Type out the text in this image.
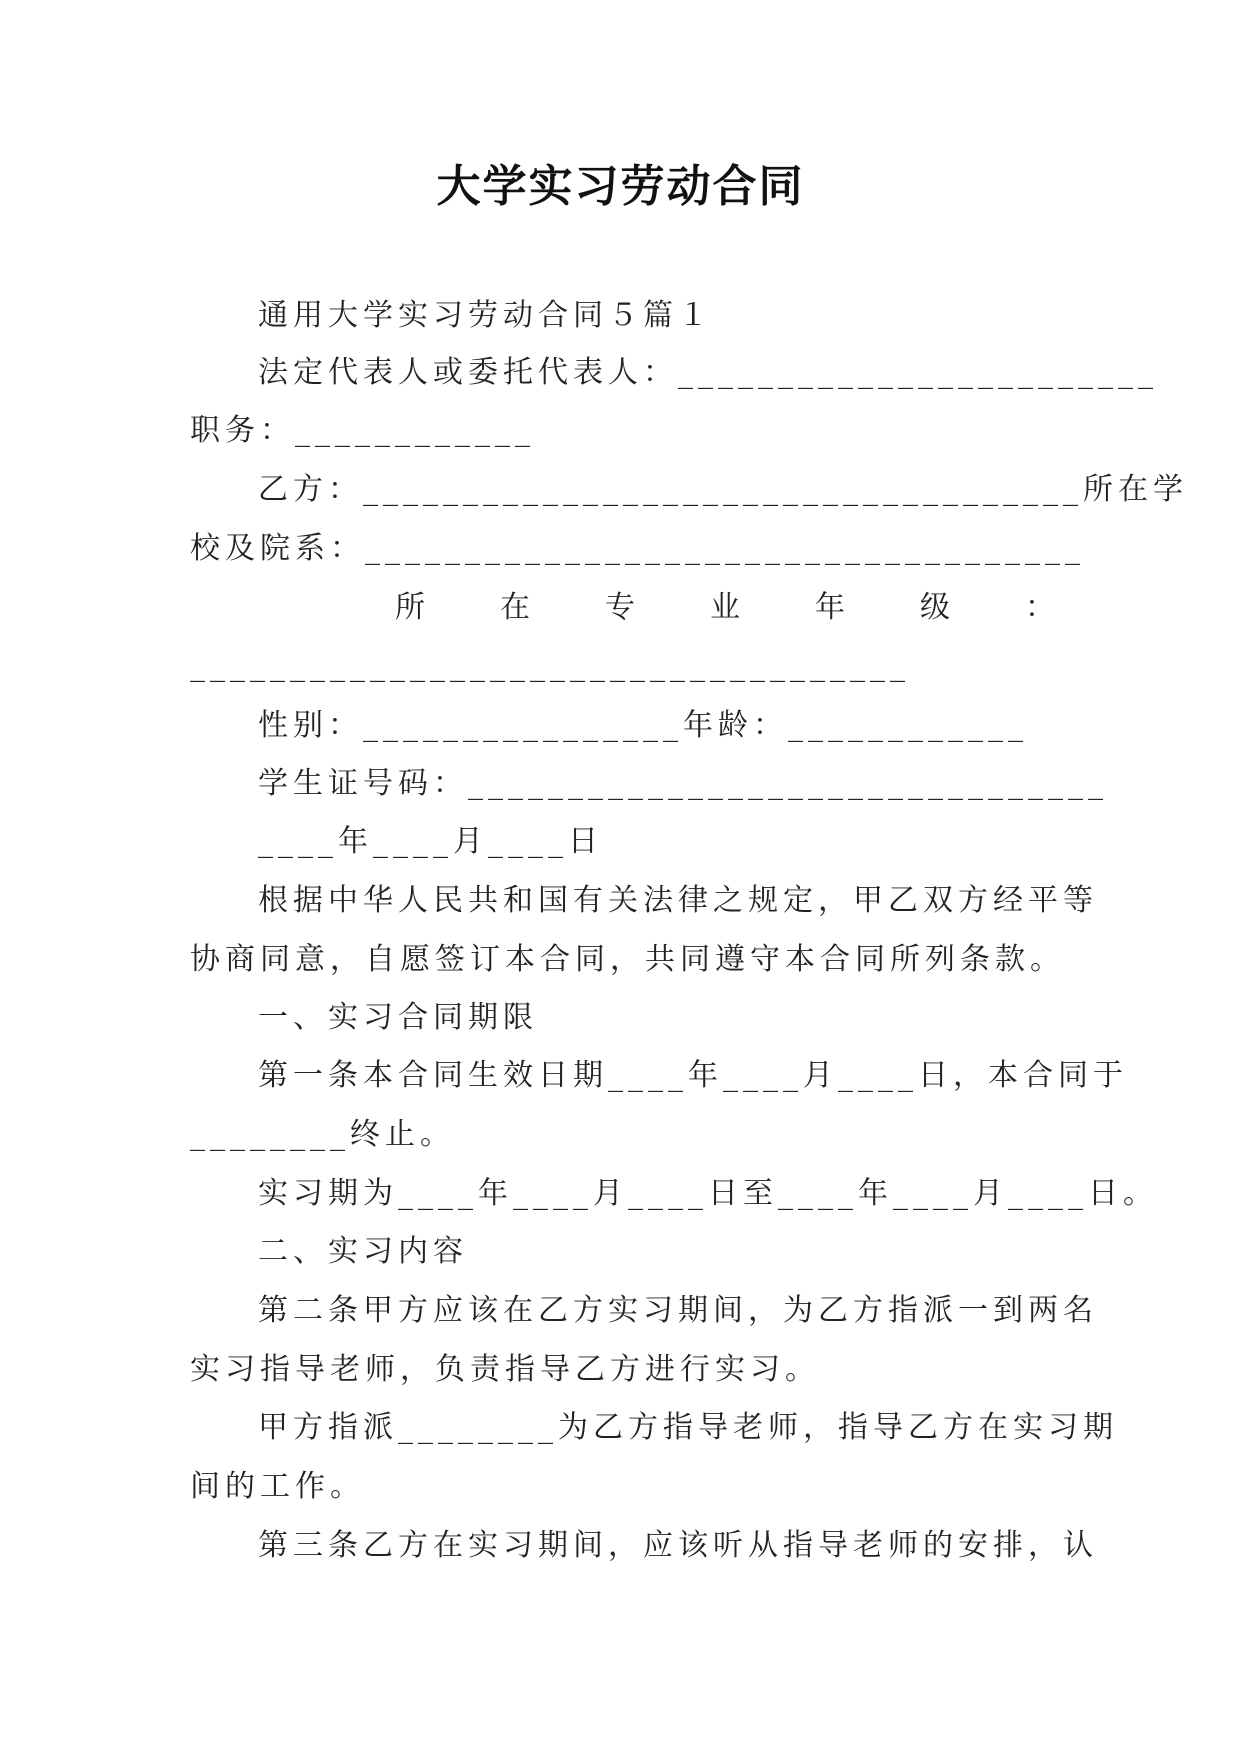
大学实习劳动合同
通用大学实习劳动合同５篇１
法定代表人或委托代表人：________________________
职务：____________
乙方：____________________________________所在学
校及院系：____________________________________
所	在	专	业	年	级	：
____________________________________
性别：________________年龄：____________
学生证号码：________________________________
____年____月____日
根据中华人民共和国有关法律之规定，甲乙双方经平等
协商同意，自愿签订本合同，共同遵守本合同所列条款。
一、实习合同期限
第一条本合同生效日期____年____月____日，本合同于
________终止。
实习期为____年____月____日至____年____月____日。
二、实习内容
第二条甲方应该在乙方实习期间，为乙方指派一到两名
实习指导老师，负责指导乙方进行实习。
甲方指派________为乙方指导老师，指导乙方在实习期
间的工作。
第三条乙方在实习期间，应该听从指导老师的安排，认
